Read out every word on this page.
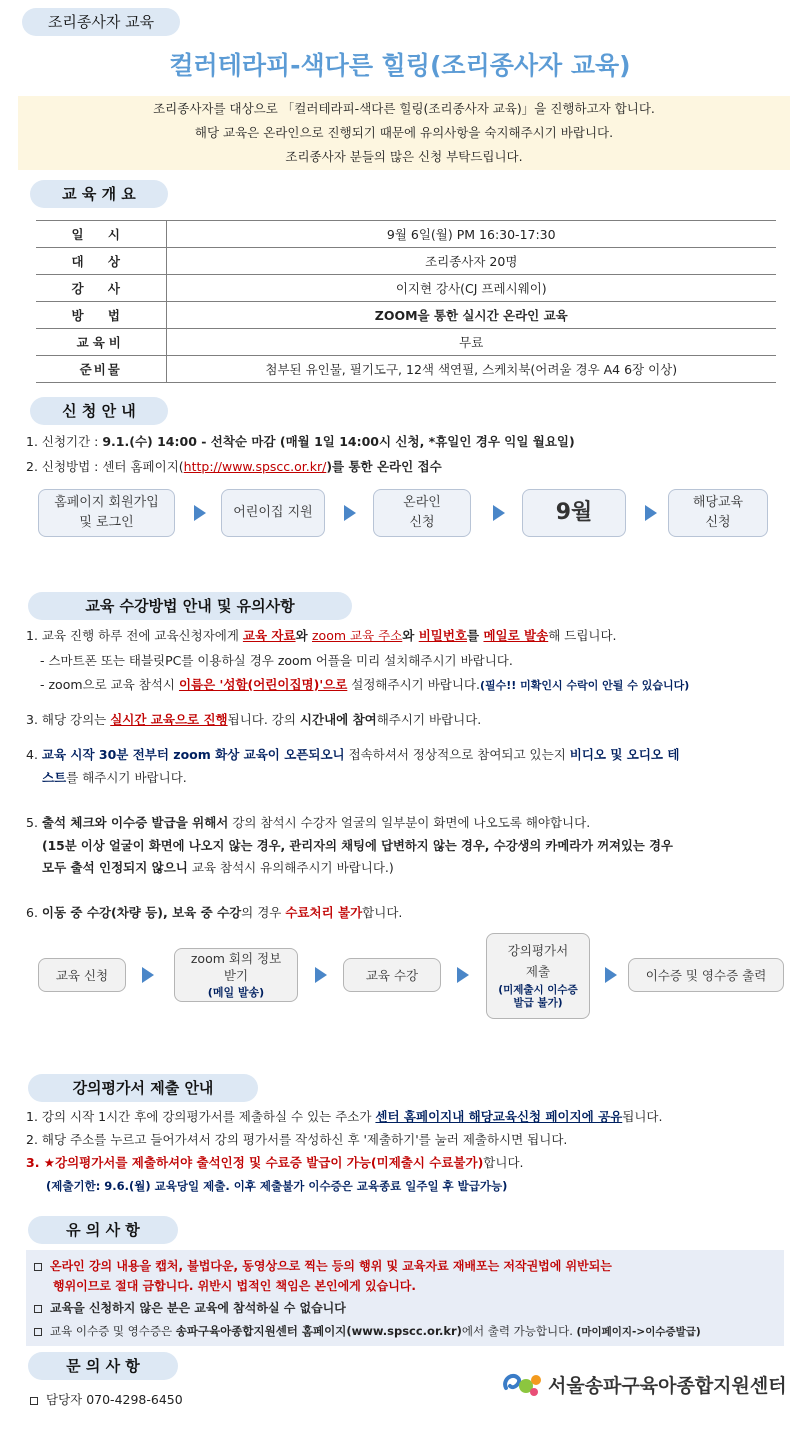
조리종사자 교육
컬러테라피-색다른 힐링(조리종사자 교육)
조리종사자를 대상으로 「컬러테라피-색다른 힐링(조리종사자 교육)」을 진행하고자 합니다.
해당 교육은 온라인으로 진행되기 때문에 유의사항을 숙지해주시기 바랍니다.
조리종사자 분들의 많은 신청 부탁드립니다.
교 육 개 요
일 시	9월 6일(월) PM 16:30-17:30
대 상	조리종사자 20명
강 사	이지현 강사(CJ 프레시웨이)
방 법	ZOOM을 통한 실시간 온라인 교육
교육비	무료
준비물	첨부된 유인물, 필기도구, 12색 색연필, 스케치북(어려울 경우 A4 6장 이상)
신 청 안 내
1. 신청기간 : 9.1.(수) 14:00 - 선착순 마감 (매월 1일 14:00시 신청, *휴일인 경우 익일 월요일)
2. 신청방법 : 센터 홈페이지(http://www.spscc.or.kr/)를 통한 온라인 접수
홈페이지 회원가입
및 로그인
어린이집 지원
온라인
신청	9월	해당교육
신청
교육 수강방법 안내 및 유의사항
1. 교육 진행 하루 전에 교육신청자에게 교육 자료와 zoom 교육 주소와 비밀번호를 메일로 발송해 드립니다.
- 스마트폰 또는 태블릿PC를 이용하실 경우 zoom 어플을 미리 설치해주시기 바랍니다.
- zoom으로 교육 참석시 이름은 '성함(어린이집명)'으로 설정해주시기 바랍니다.(필수!! 미확인시 수락이 안될 수 있습니다)
3. 해당 강의는 실시간 교육으로 진행됩니다. 강의 시간내에 참여해주시기 바랍니다.
4. 교육 시작 30분 전부터 zoom 화상 교육이 오픈되오니 접속하셔서 정상적으로 참여되고 있는지 비디오 및 오디오 테
스트를 해주시기 바랍니다.
5. 출석 체크와 이수증 발급을 위해서 강의 참석시 수강자 얼굴의 일부분이 화면에 나오도록 해야합니다.
(15분 이상 얼굴이 화면에 나오지 않는 경우, 관리자의 채팅에 답변하지 않는 경우, 수강생의 카메라가 꺼져있는 경우
모두 출석 인정되지 않으니 교육 참석시 유의해주시기 바랍니다.)
6. 이동 중 수강(차량 등), 보육 중 수강의 경우 수료처리 불가합니다.
교육 신청
zoom 회의 정보
받기
(메일 발송)
교육 수강
강의평가서
제출
(미제출시 이수증 발급 불가)
이수증 및 영수증 출력
강의평가서 제출 안내
1. 강의 시작 1시간 후에 강의평가서를 제출하실 수 있는 주소가 센터 홈페이지내 해당교육신청 페이지에 공유됩니다.
2. 해당 주소를 누르고 들어가셔서 강의 평가서를 작성하신 후 '제출하기'를 눌러 제출하시면 됩니다.
3. ★강의평가서를 제출하셔야 출석인정 및 수료증 발급이 가능(미제출시 수료불가)합니다.
(제출기한: 9.6.(월) 교육당일 제출. 이후 제출불가 이수증은 교육종료 일주일 후 발급가능)
유 의 사 항
온라인 강의 내용을 캡처, 불법다운, 동영상으로 찍는 등의 행위 및 교육자료 재배포는 저작권법에 위반되는
행위이므로 절대 금합니다. 위반시 법적인 책임은 본인에게 있습니다.
교육을 신청하지 않은 분은 교육에 참석하실 수 없습니다
교육 이수증 및 영수증은 송파구육아종합지원센터 홈페이지(www.spscc.or.kr)에서 출력 가능합니다. (마이페이지->이수증발급)
문 의 사 항
담당자 070-4298-6450
서울송파구육아종합지원센터
